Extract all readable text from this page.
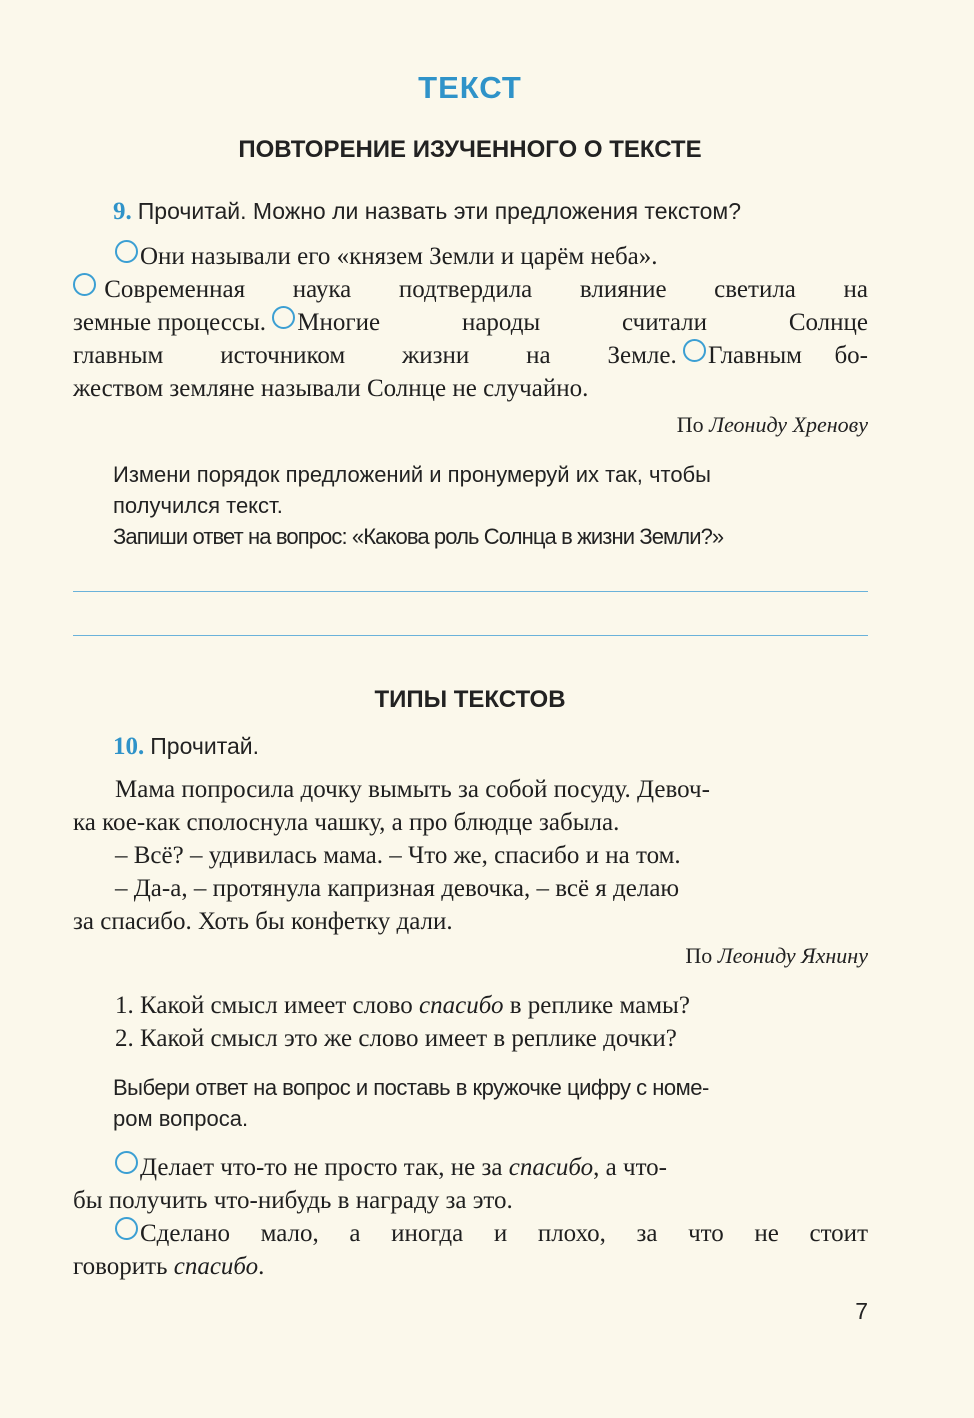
ТЕКСТ
ПОВТОРЕНИЕ ИЗУЧЕННОГО О ТЕКСТЕ
9. Прочитай. Можно ли назвать эти предложения текстом?
Они называли его «князем Земли и царём неба».

Современная наука подтвердила влияние светила на
земные процессы.
Многие народы считали Солнце
главным источником жизни на Земле.
Главным бо-
жеством земляне называли Солнце не случайно.
По Леониду Хренову
Измени порядок предложений и пронумеруй их так, чтобы
получился текст.
Запиши ответ на вопрос: «Какова роль Солнца в жизни Земли?»
ТИПЫ ТЕКСТОВ
10. Прочитай.
Мама попросила дочку вымыть за собой посуду. Девоч-
ка кое-как сполоснула чашку, а про блюдце забыла.
– Всё? – удивилась мама. – Что же, спасибо и на том.
– Да-а, – протянула капризная девочка, – всё я делаю
за спасибо. Хоть бы конфетку дали.
По Леониду Яхнину
1. Какой смысл имеет слово
спасибо
в реплике мамы?
2. Какой смысл это же слово имеет в реплике дочки?
Выбери ответ на вопрос и поставь в кружочке цифру с номе-
ром вопроса.
Делает что-то не просто так, не за
спасибо , а что-
бы получить что-нибудь в награду за это.
Сделано мало, а иногда и плохо, за что не стоит
говорить
спасибо .
7
